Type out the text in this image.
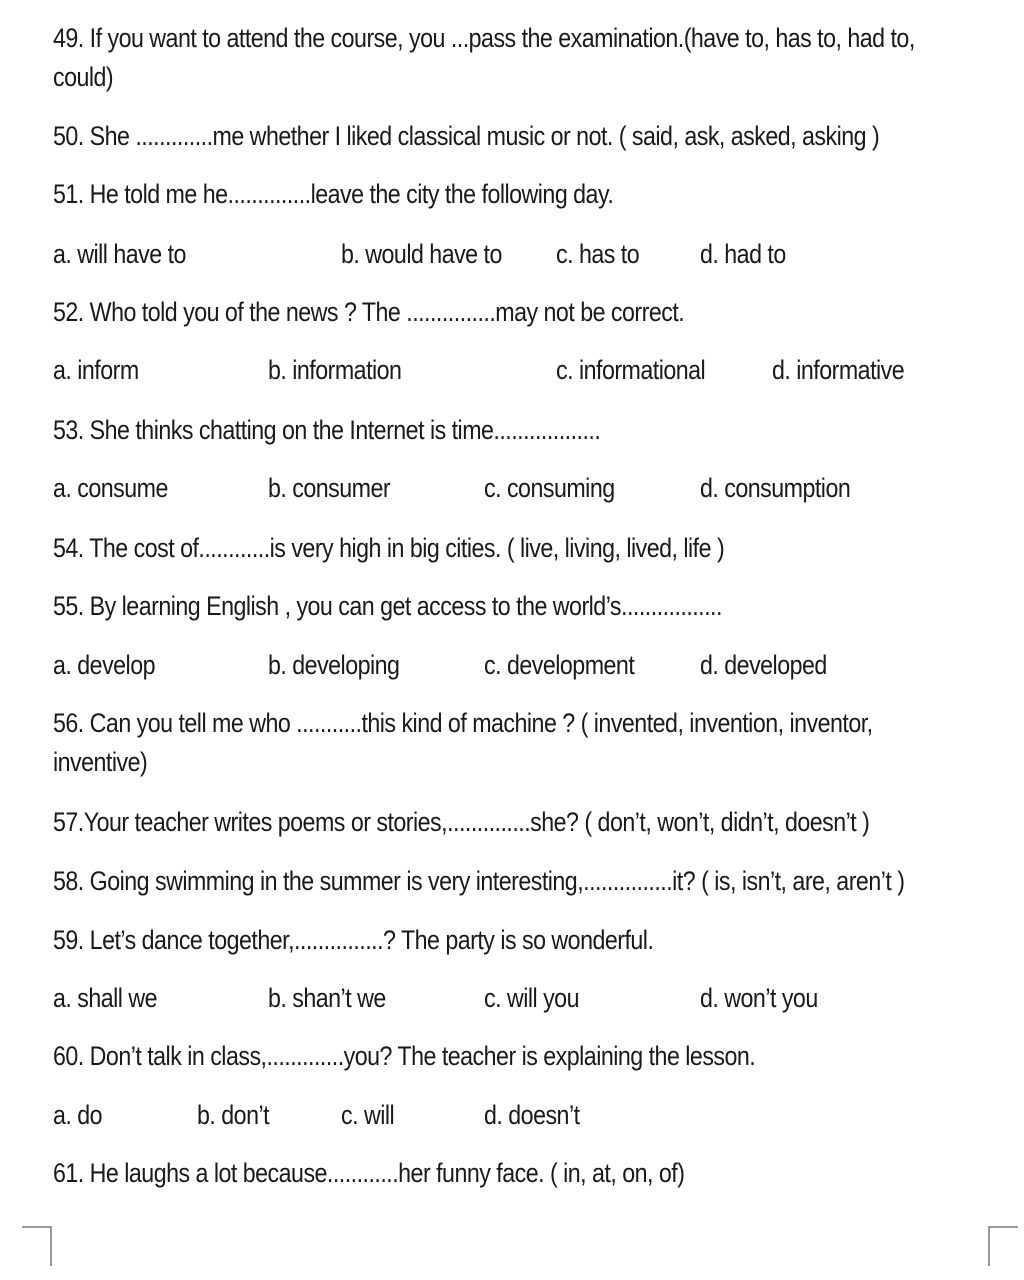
49. If you want to attend the course, you ...pass the examination.(have to, has to, had to,
could)
50. She .............me whether I liked classical music or not. ( said, ask, asked, asking )
51. He told me he..............leave the city the following day.
a. will have to	b. would have to c. has to d. had to
52. Who told you of the news ? The ...............may not be correct.
a. inform	b. information	c. informational d. informative
53. She thinks chatting on the Internet is time..................
a. consume	b. consumer	c. consuming	d. consumption
54. The cost of............is very high in big cities. ( live, living, lived, life )
55. By learning English , you can get access to the world’s.................
a. develop	b. developing	c. development d. developed
56. Can you tell me who ...........this kind of machine ? ( invented, invention, inventor,
inventive)
57.Your teacher writes poems or stories,..............she? ( don’t, won’t, didn’t, doesn’t )
58. Going swimming in the summer is very interesting,...............it? ( is, isn’t, are, aren’t )
59. Let’s dance together,...............? The party is so wonderful.
a. shall we	b. shan’t we	c. will you	d. won’t you
60. Don’t talk in class,.............you? The teacher is explaining the lesson.
a. do	b. don’t	c. will	d. doesn’t
61. He laughs a lot because............her funny face. ( in, at, on, of)
